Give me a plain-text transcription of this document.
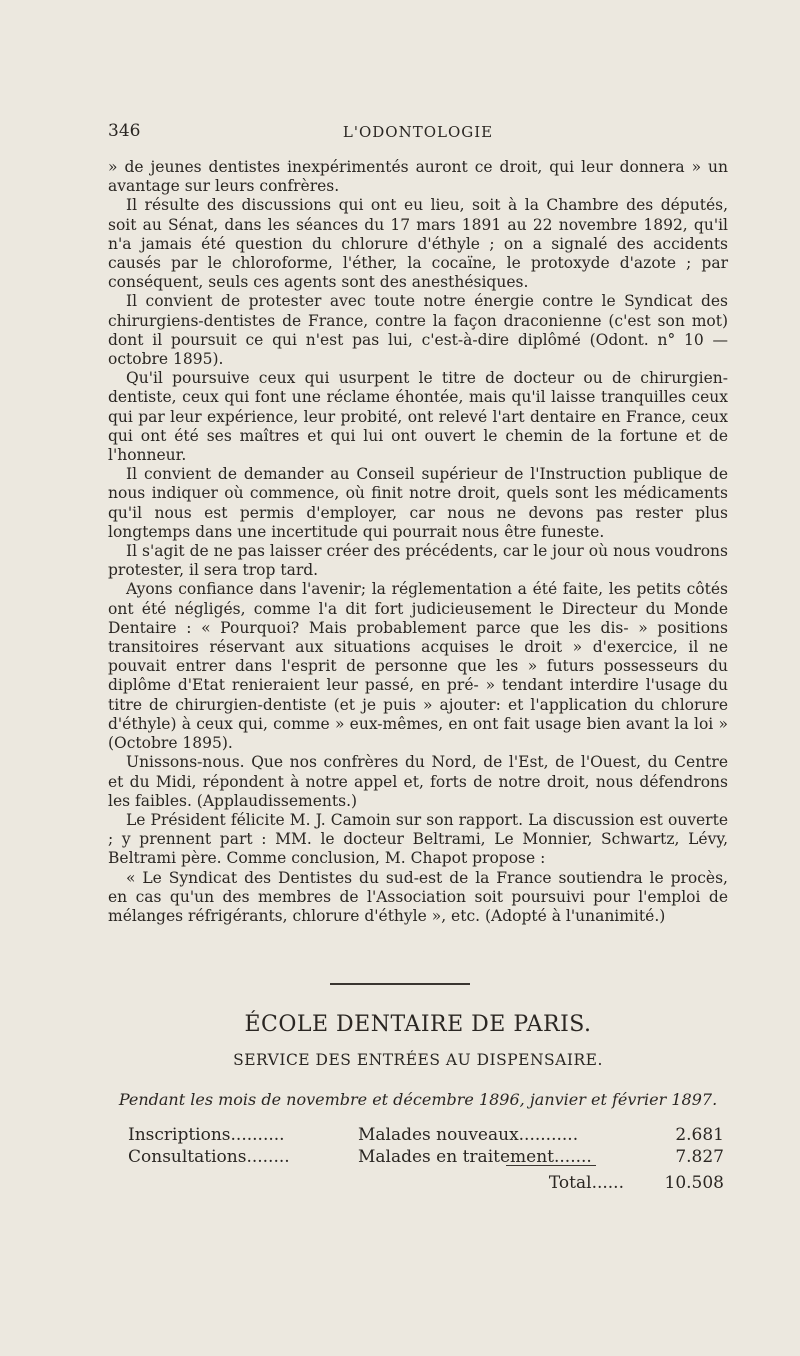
346	L'ODONTOLOGIE

» de jeunes dentistes inexpérimentés auront ce droit, qui leur donnera » un avantage sur leurs confrères.

Il résulte des discussions qui ont eu lieu, soit à la Chambre des députés, soit au Sénat, dans les séances du 17 mars 1891 au 22 novembre 1892, qu'il n'a jamais été question du chlorure d'éthyle ; on a signalé des accidents causés par le chloroforme, l'éther, la cocaïne, le protoxyde d'azote ; par conséquent, seuls ces agents sont des anesthésiques.

Il convient de protester avec toute notre énergie contre le Syndicat des chirurgiens-dentistes de France, contre la façon draconienne (c'est son mot) dont il poursuit ce qui n'est pas lui, c'est-à-dire diplômé (Odont. n° 10 — octobre 1895).

Qu'il poursuive ceux qui usurpent le titre de docteur ou de chirurgien-dentiste, ceux qui font une réclame éhontée, mais qu'il laisse tranquilles ceux qui par leur expérience, leur probité, ont relevé l'art dentaire en France, ceux qui ont été ses maîtres et qui lui ont ouvert le chemin de la fortune et de l'honneur.

Il convient de demander au Conseil supérieur de l'Instruction publique de nous indiquer où commence, où finit notre droit, quels sont les médicaments qu'il nous est permis d'employer, car nous ne devons pas rester plus longtemps dans une incertitude qui pourrait nous être funeste.

Il s'agit de ne pas laisser créer des précédents, car le jour où nous voudrons protester, il sera trop tard.

Ayons confiance dans l'avenir; la réglementation a été faite, les petits côtés ont été négligés, comme l'a dit fort judicieusement le Directeur du Monde Dentaire : « Pourquoi? Mais probablement parce que les dis- » positions transitoires réservant aux situations acquises le droit » d'exercice, il ne pouvait entrer dans l'esprit de personne que les » futurs possesseurs du diplôme d'Etat renieraient leur passé, en pré- » tendant interdire l'usage du titre de chirurgien-dentiste (et je puis » ajouter: et l'application du chlorure d'éthyle) à ceux qui, comme » eux-mêmes, en ont fait usage bien avant la loi » (Octobre 1895).

Unissons-nous. Que nos confrères du Nord, de l'Est, de l'Ouest, du Centre et du Midi, répondent à notre appel et, forts de notre droit, nous défendrons les faibles. (Applaudissements.)

Le Président félicite M. J. Camoin sur son rapport. La discussion est ouverte ; y prennent part : MM. le docteur Beltrami, Le Monnier, Schwartz, Lévy, Beltrami père. Comme conclusion, M. Chapot propose :

« Le Syndicat des Dentistes du sud-est de la France soutiendra le procès, en cas qu'un des membres de l'Association soit poursuivi pour l'emploi de mélanges réfrigérants, chlorure d'éthyle », etc. (Adopté à l'unanimité.)

ÉCOLE DENTAIRE DE PARIS.
SERVICE DES ENTRÉES AU DISPENSAIRE.
Pendant les mois de novembre et décembre 1896, janvier et février 1897.
Inscriptions..........	Malades nouveaux...........	2.681
Consultations........	Malades en traitement.......	7.827
Total...... 10.508
